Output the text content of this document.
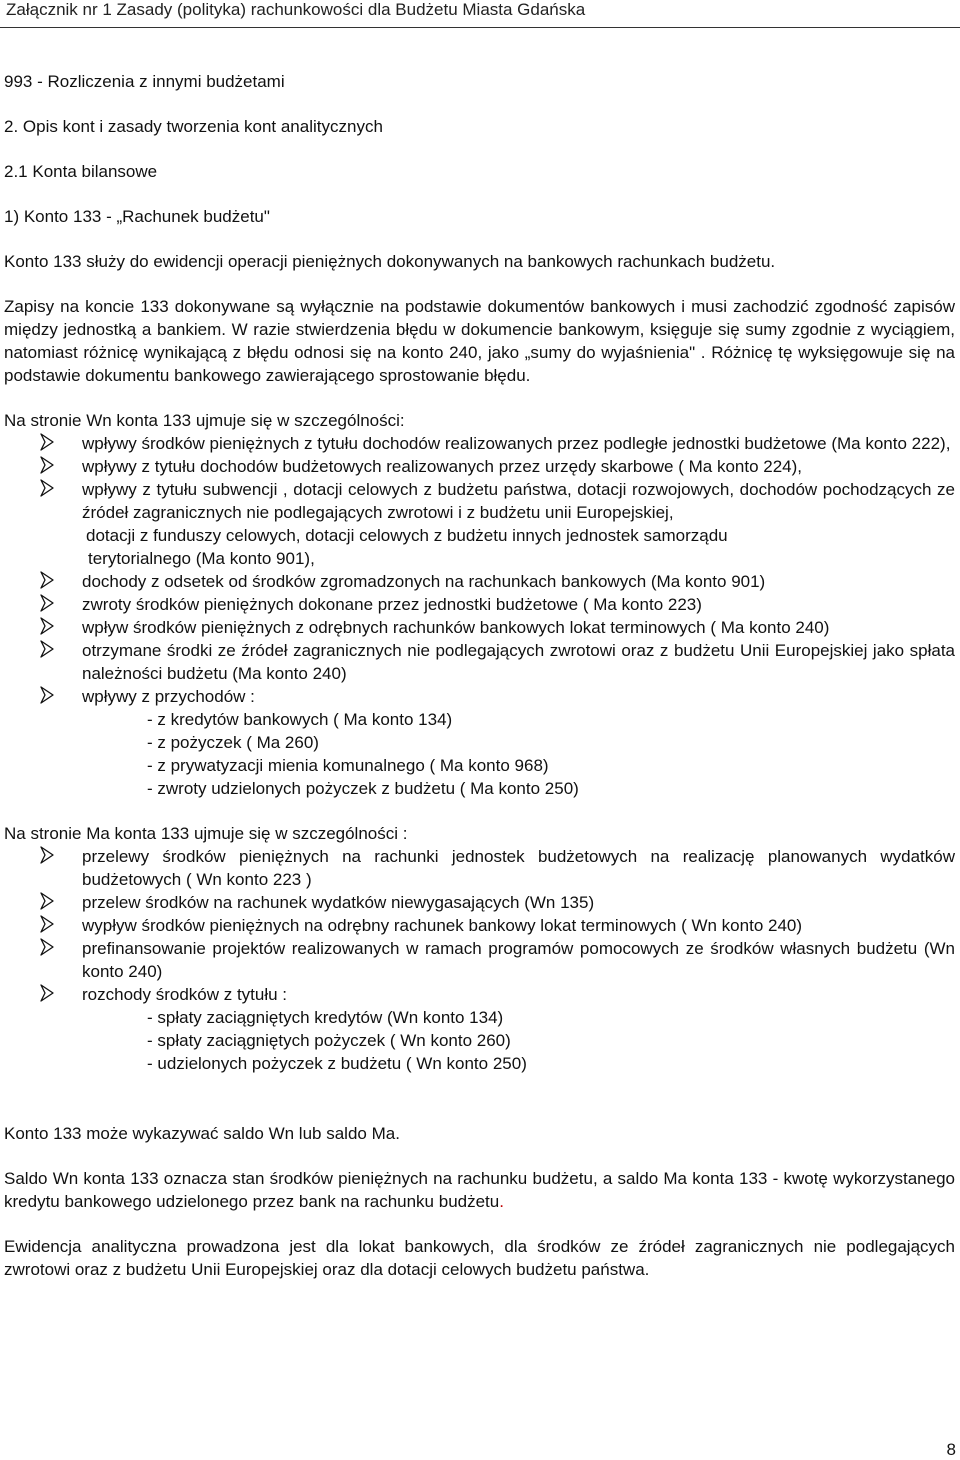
Załącznik nr 1 Zasady (polityka) rachunkowości dla Budżetu Miasta Gdańska

993 - Rozliczenia z innymi budżetami

2. Opis kont i zasady tworzenia kont analitycznych

2.1 Konta bilansowe

1) Konto 133 - „Rachunek budżetu"

Konto 133 służy do ewidencji operacji pieniężnych dokonywanych na bankowych rachunkach budżetu.

Zapisy na koncie 133 dokonywane są wyłącznie na podstawie dokumentów bankowych i musi zachodzić zgodność zapisów między jednostką a bankiem. W razie stwierdzenia błędu w dokumencie bankowym, księguje się sumy zgodnie z wyciągiem, natomiast różnicę wynikającą z błędu odnosi się na konto 240, jako „sumy do wyjaśnienia" . Różnicę tę wyksięgowuje się na podstawie dokumentu bankowego zawierającego sprostowanie błędu.

Na stronie Wn konta 133 ujmuje się w szczególności:

wpływy środków pieniężnych z tytułu dochodów realizowanych przez podległe jednostki budżetowe (Ma konto 222),
wpływy z tytułu dochodów budżetowych realizowanych przez urzędy skarbowe ( Ma konto 224),
wpływy z tytułu subwencji , dotacji celowych z budżetu państwa, dotacji rozwojowych, dochodów pochodzących ze źródeł zagranicznych nie podlegających zwrotowi i z budżetu unii Europejskiej,

dotacji z funduszy celowych, dotacji celowych z budżetu innych jednostek samorządu

terytorialnego (Ma konto 901),

dochody z odsetek od środków zgromadzonych na rachunkach bankowych (Ma konto 901)
zwroty środków pieniężnych dokonane przez jednostki budżetowe ( Ma konto 223)
wpływ środków pieniężnych z odrębnych rachunków bankowych lokat terminowych ( Ma konto 240)
otrzymane środki ze źródeł zagranicznych nie podlegających zwrotowi oraz z budżetu Unii Europejskiej jako spłata należności budżetu (Ma konto 240)
wpływy z przychodów :

- z kredytów bankowych ( Ma konto 134)

- z pożyczek ( Ma 260)

- z prywatyzacji mienia komunalnego ( Ma konto 968)

- zwroty udzielonych pożyczek z budżetu ( Ma konto 250)

Na stronie Ma konta 133 ujmuje się w szczególności :

przelewy środków pieniężnych na rachunki jednostek budżetowych na realizację planowanych wydatków budżetowych ( Wn konto 223 )
przelew środków na rachunek wydatków niewygasających (Wn 135)
wypływ środków pieniężnych na odrębny rachunek bankowy lokat terminowych ( Wn konto 240)
prefinansowanie projektów realizowanych w ramach programów pomocowych ze środków własnych budżetu (Wn konto 240)
rozchody środków z tytułu :

- spłaty zaciągniętych kredytów (Wn konto 134)

- spłaty zaciągniętych pożyczek ( Wn konto 260)

- udzielonych pożyczek z budżetu ( Wn konto 250)

Konto 133 może wykazywać saldo Wn lub saldo Ma.

Saldo Wn konta 133 oznacza stan środków pieniężnych na rachunku budżetu, a saldo Ma konta 133 - kwotę wykorzystanego kredytu bankowego udzielonego przez bank na rachunku budżetu.

Ewidencja analityczna prowadzona jest dla lokat bankowych, dla środków ze źródeł zagranicznych nie podlegających zwrotowi oraz z budżetu Unii Europejskiej oraz dla dotacji celowych budżetu państwa.

8
